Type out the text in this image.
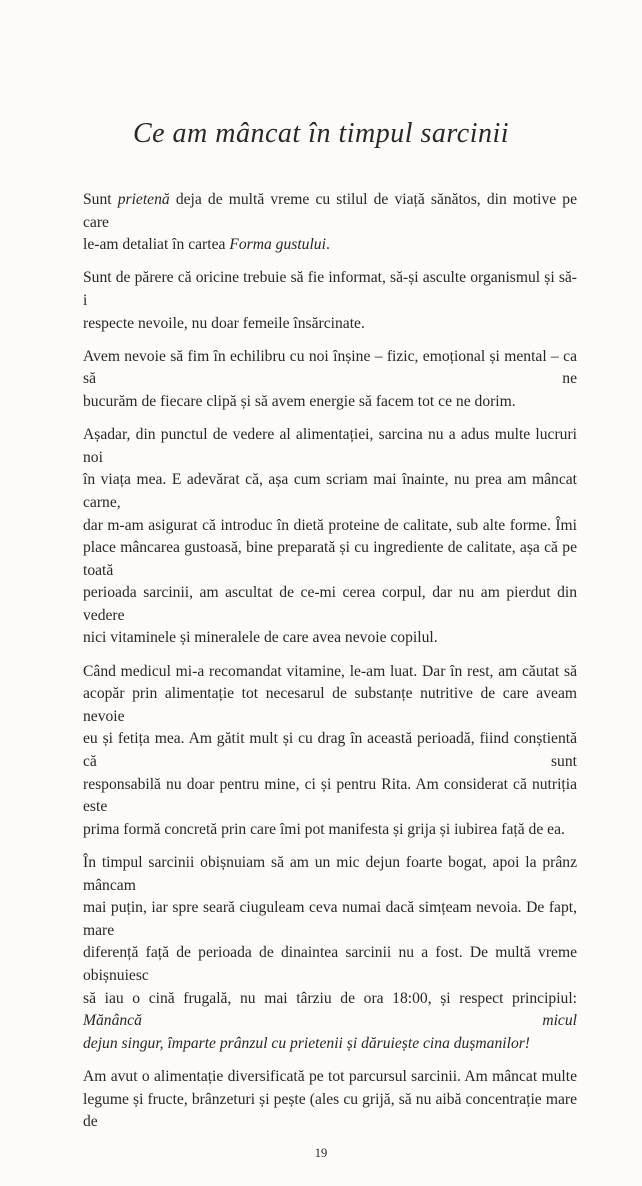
Ce am mâncat în timpul sarcinii

Sunt prietenă deja de multă vreme cu stilul de viață sănătos, din motive pe care
le-am detaliat în cartea Forma gustului.

Sunt de părere că oricine trebuie să fie informat, să-și asculte organismul și să-i
respecte nevoile, nu doar femeile însărcinate.

Avem nevoie să fim în echilibru cu noi înșine – fizic, emoțional și mental – ca să ne
bucurăm de fiecare clipă și să avem energie să facem tot ce ne dorim.

Așadar, din punctul de vedere al alimentației, sarcina nu a adus multe lucruri noi
în viața mea. E adevărat că, așa cum scriam mai înainte, nu prea am mâncat carne,
dar m-am asigurat că introduc în dietă proteine de calitate, sub alte forme. Îmi
place mâncarea gustoasă, bine preparată și cu ingrediente de calitate, așa că pe toată
perioada sarcinii, am ascultat de ce-mi cerea corpul, dar nu am pierdut din vedere
nici vitaminele și mineralele de care avea nevoie copilul.

Când medicul mi-a recomandat vitamine, le-am luat. Dar în rest, am căutat să
acopăr prin alimentație tot necesarul de substanțe nutritive de care aveam nevoie
eu și fetița mea. Am gătit mult și cu drag în această perioadă, fiind conștientă că sunt
responsabilă nu doar pentru mine, ci și pentru Rita. Am considerat că nutriția este
prima formă concretă prin care îmi pot manifesta și grija și iubirea față de ea.

În timpul sarcinii obișnuiam să am un mic dejun foarte bogat, apoi la prânz mâncam
mai puțin, iar spre seară ciuguleam ceva numai dacă simțeam nevoia. De fapt, mare
diferență față de perioada de dinaintea sarcinii nu a fost. De multă vreme obișnuiesc
să iau o cină frugală, nu mai târziu de ora 18:00, și respect principiul: Mănâncă micul
dejun singur, împarte prânzul cu prietenii și dăruiește cina dușmanilor!

Am avut o alimentație diversificată pe tot parcursul sarcinii. Am mâncat multe
legume și fructe, brânzeturi și pește (ales cu grijă, să nu aibă concentrație mare de

19
